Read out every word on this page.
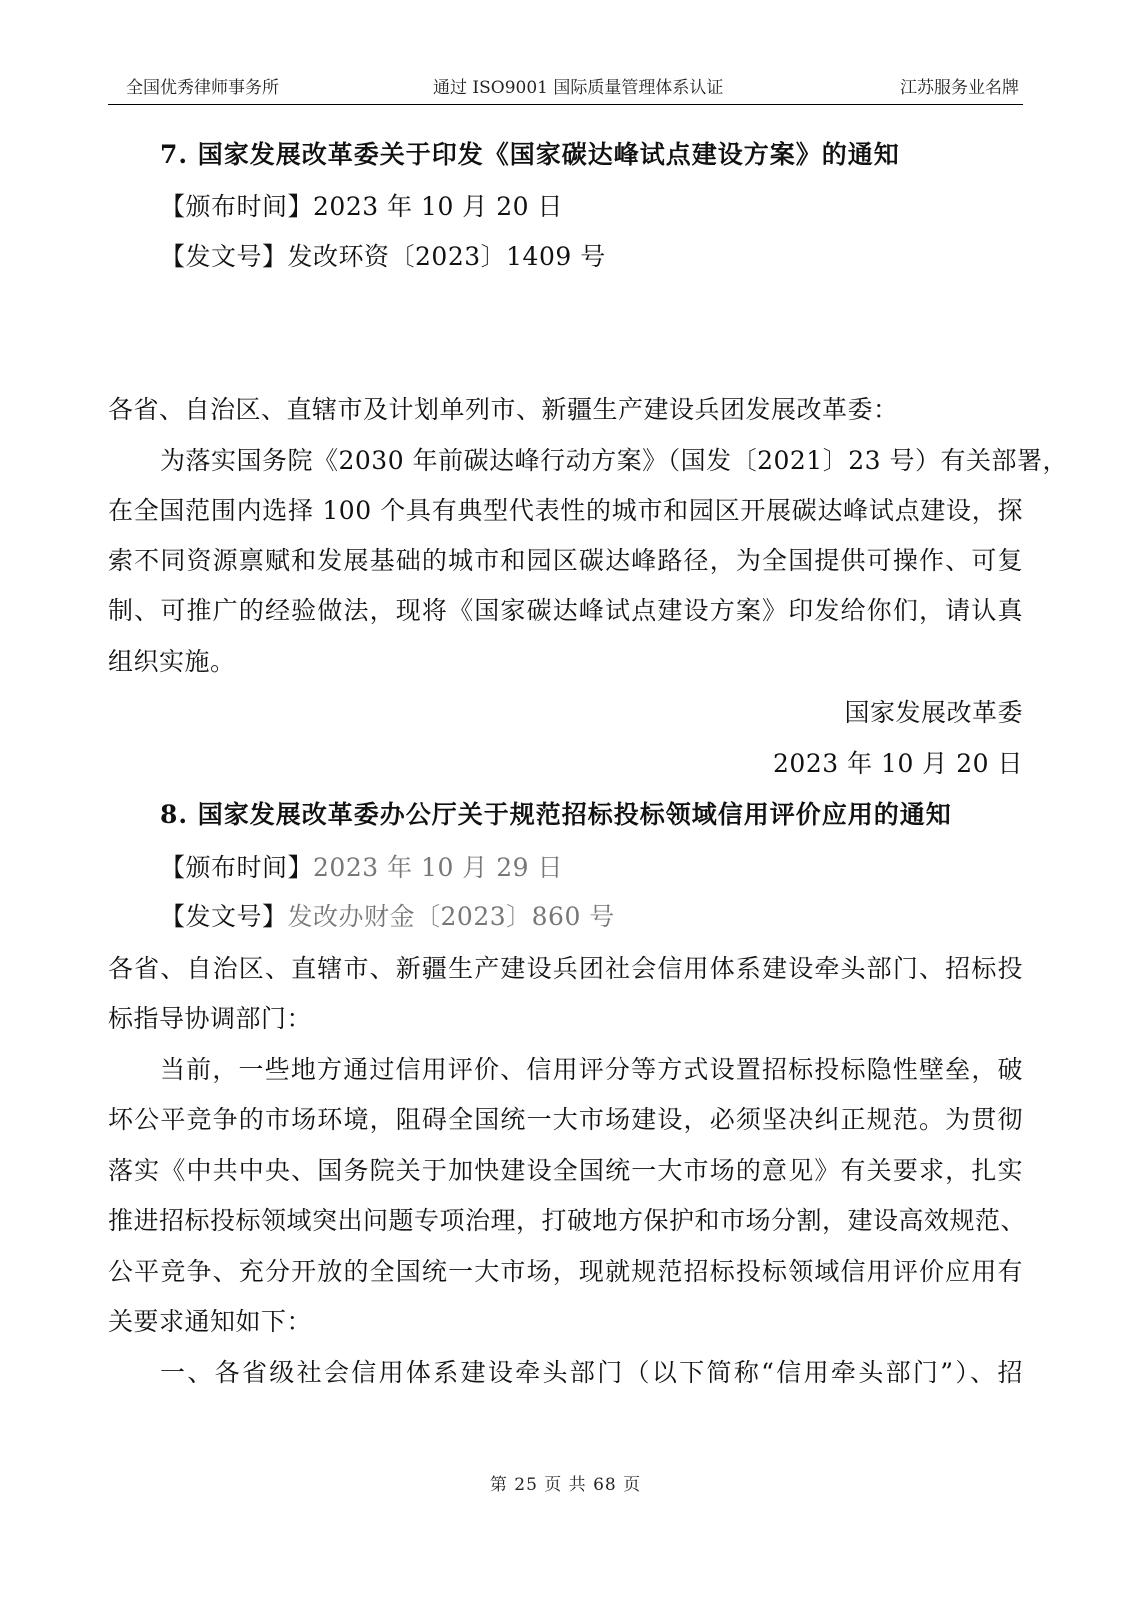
全国优秀律师事务所	通过 ISO9001 国际质量管理体系认证	江苏服务业名牌
7. 国家发展改革委关于印发《国家碳达峰试点建设方案》的通知
【颁布时间】2023 年 10 月 20 日
【发文号】发改环资〔2023〕1409 号
各省、自治区、直辖市及计划单列市、新疆生产建设兵团发展改革委：
为落实国务院《2030 年前碳达峰行动方案》（国发〔2021〕23 号）有关部署，
在全国范围内选择 100 个具有典型代表性的城市和园区开展碳达峰试点建设，探
索不同资源禀赋和发展基础的城市和园区碳达峰路径，为全国提供可操作、可复
制、可推广的经验做法，现将《国家碳达峰试点建设方案》印发给你们，请认真
组织实施。
国家发展改革委
2023 年 10 月 20 日
8. 国家发展改革委办公厅关于规范招标投标领域信用评价应用的通知
【颁布时间】2023 年 10 月 29 日
【发文号】发改办财金〔2023〕860 号
各省、自治区、直辖市、新疆生产建设兵团社会信用体系建设牵头部门、招标投
标指导协调部门：
当前，一些地方通过信用评价、信用评分等方式设置招标投标隐性壁垒，破
坏公平竞争的市场环境，阻碍全国统一大市场建设，必须坚决纠正规范。为贯彻
落实《中共中央、国务院关于加快建设全国统一大市场的意见》有关要求，扎实
推进招标投标领域突出问题专项治理，打破地方保护和市场分割，建设高效规范、
公平竞争、充分开放的全国统一大市场，现就规范招标投标领域信用评价应用有
关要求通知如下：
一、各省级社会信用体系建设牵头部门（以下简称“信用牵头部门”）、招
第 25 页 共 68 页
